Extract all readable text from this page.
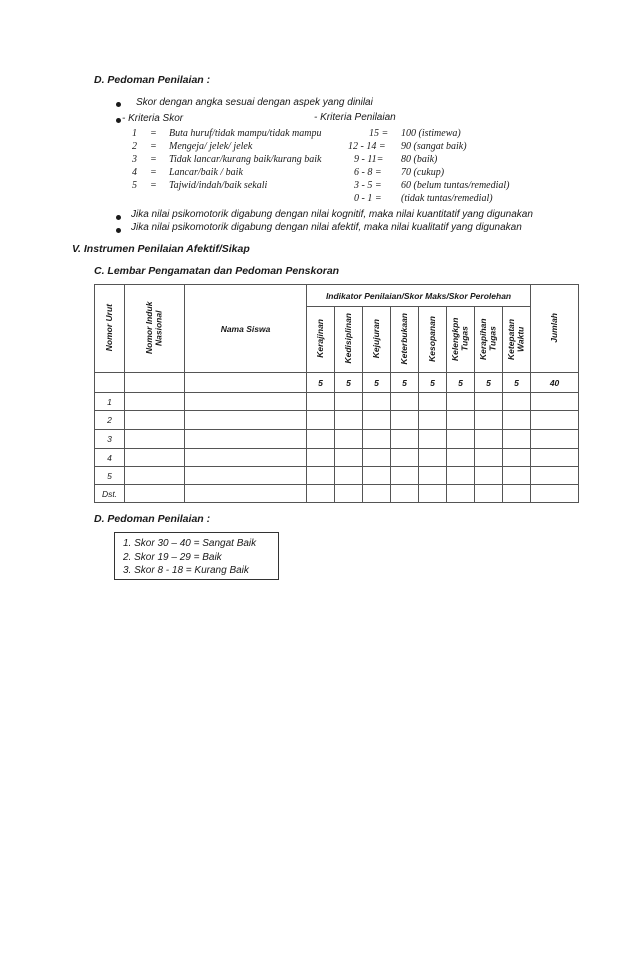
D. Pedoman Penilaian :
Skor dengan angka sesuai dengan aspek yang dinilai
- Kriteria Skor	- Kriteria Penilaian
1 = Buta huruf/tidak mampu/tidak mampu	15 = 100 (istimewa)
2 = Mengeja/ jelek/ jelek	12 - 14 = 90 (sangat baik)
3 = Tidak lancar/kurang baik/kurang baik	9 - 11= 80 (baik)
4 = Lancar/baik / baik	6 - 8 = 70 (cukup)
5 = Tajwid/indah/baik sekali	3 - 5 = 60 (belum tuntas/remedial)
0 - 1 = (tidak tuntas/remedial)
Jika nilai psikomotorik digabung dengan nilai kognitif, maka nilai kuantitatif yang digunakan
Jika nilai psikomotorik digabung dengan nilai afektif, maka nilai kualitatif yang digunakan
V. Instrumen Penilaian Afektif/Sikap
C. Lembar Pengamatan dan Pedoman Penskoran
Nomor Urut	Nomor Induk Nasional	Nama Siswa	Indikator Penilaian/Skor Maks/Skor Perolehan								Jumlah
			Kerajinan	Kedisiplinan	Kejujuran	Keterbukaan	Kesopanan	Kelengkpn Tugas	Kerapihan Tugas	Ketepatan Waktu	
			5	5	5	5	5	5	5	5	40
1											
2											
3											
4											
5											
Dst.											
D. Pedoman Penilaian :
1. Skor 30 – 40 = Sangat Baik
2. Skor 19 – 29 = Baik
3. Skor 8 - 18 = Kurang Baik
